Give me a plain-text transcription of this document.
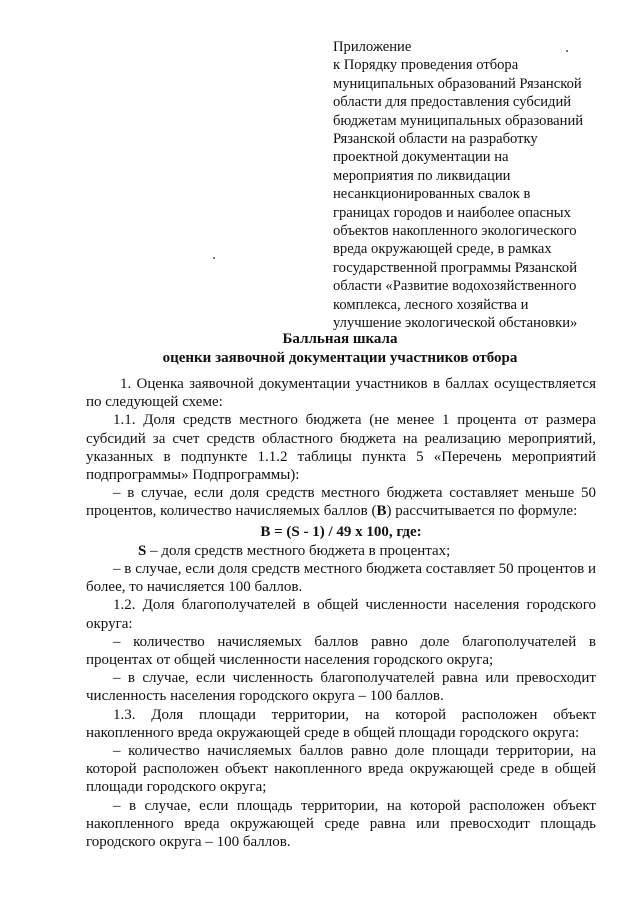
Приложение
к Порядку проведения отбора
муниципальных образований Рязанской
области для предоставления субсидий
бюджетам муниципальных образований
Рязанской области на разработку
проектной документации на
мероприятия по ликвидации
несанкционированных свалок в
границах городов и наиболее опасных
объектов накопленного экологического
вреда окружающей среде, в рамках
государственной программы Рязанской
области «Развитие водохозяйственного
комплекса, лесного хозяйства и
улучшение экологической обстановки»
Балльная шкала
оценки заявочной документации участников отбора

1. Оценка заявочной документации участников в баллах осуществляется по следующей схеме:

1.1. Доля средств местного бюджета (не менее 1 процента от размера субсидий за счет средств областного бюджета на реализацию мероприятий, указанных в подпункте 1.1.2 таблицы пункта 5 «Перечень мероприятий подпрограммы» Подпрограммы):

– в случае, если доля средств местного бюджета составляет меньше 50 процентов, количество начисляемых баллов (B) рассчитывается по формуле:

B = (S - 1) / 49 x 100, где:

S – доля средств местного бюджета в процентах;

– в случае, если доля средств местного бюджета составляет 50 процентов и более, то начисляется 100 баллов.

1.2. Доля благополучателей в общей численности населения городского округа:

– количество начисляемых баллов равно доле благополучателей в процентах от общей численности населения городского округа;

– в случае, если численность благополучателей равна или превосходит численность населения городского округа – 100 баллов.

1.3. Доля площади территории, на которой расположен объект накопленного вреда окружающей среде в общей площади городского округа:

– количество начисляемых баллов равно доле площади территории, на которой расположен объект накопленного вреда окружающей среде в общей площади городского округа;

– в случае, если площадь территории, на которой расположен объект накопленного вреда окружающей среде равна или превосходит площадь городского округа – 100 баллов.
